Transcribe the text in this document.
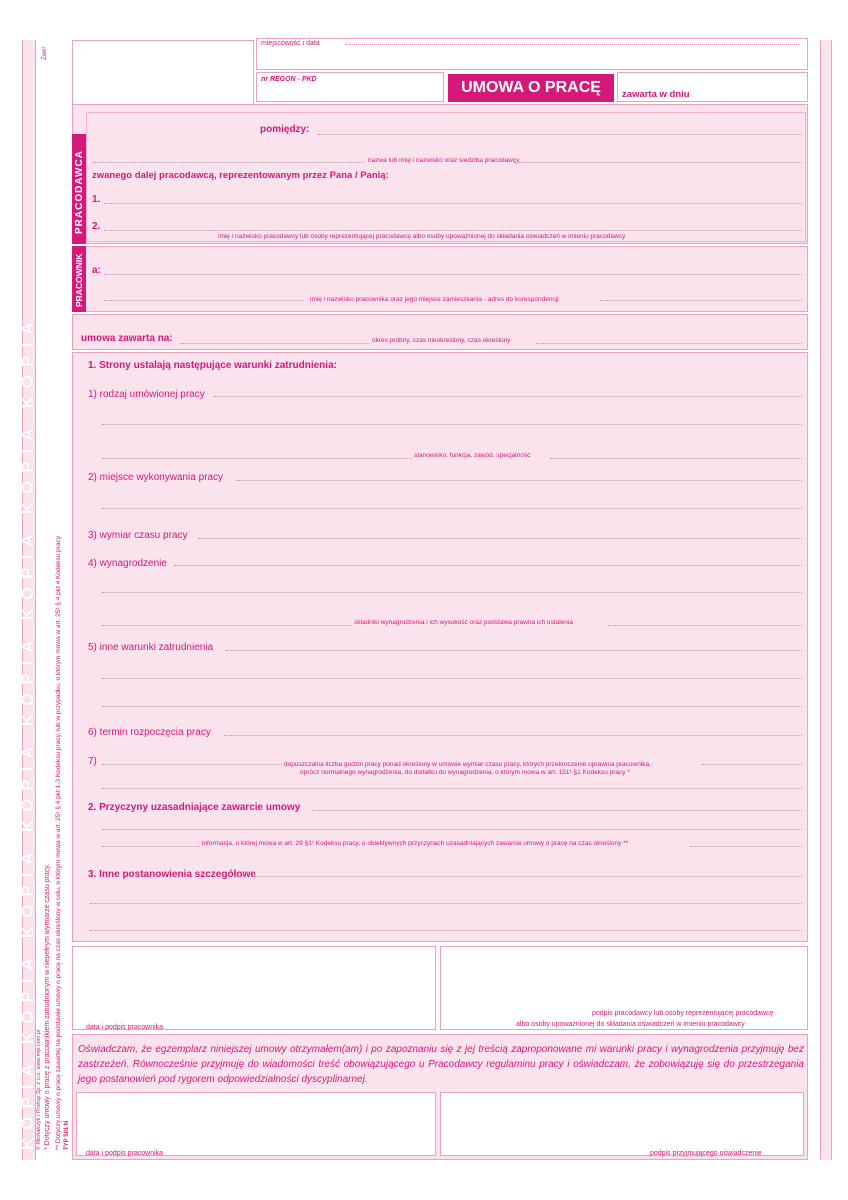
KOPIA KOPIA KOPIA KOPIA KOPIA KOPIA KOPIA KOPIA * Dotyczy umowy o pracę z pracownikiem zatrudnionym w niepełnym wymiarze czasu pracy. ** Dotyczy umowy o pracę zawartej na podstawie umowy o pracę na czas określony w celu, o którym mowa w art. 25¹ § 4 pkt 1-3 Kodeksu pracy, lub w przypadku, o którym mowa w art. 25¹ § 4 pkt 4 Kodeksu pracy TYP 501 N
© Michalczyk i Prokop Sp. z o.o. www.mip.com.pl
Zaw!
miejscowość i data
nr REGON - PKD	UMOWA O PRACĘ zawarta w dniu
PRACODAWCA
pomiędzy:
nazwa lub imię i nazwisko oraz siedziba pracodawcy
zwanego dalej pracodawcą, reprezentowanym przez Pana / Panią:
1.
2.
imię i nazwisko pracodawcy lub osoby reprezentującej pracodawcę albo osoby upoważnionej do składania oświadczeń w imieniu pracodawcy
PRACOWNIK a:
imię i nazwisko pracownika oraz jego miejsce zamieszkania - adres do korespondencji
umowa zawarta na:	okres próbny, czas nieokreślony, czas określony
1. Strony ustalają następujące warunki zatrudnienia:
1) rodzaj umówionej pracy
stanowisko, funkcja, zawód, specjalność
2) miejsce wykonywania pracy
3) wymiar czasu pracy
4) wynagrodzenie
składniki wynagrodzenia i ich wysokość oraz podstawa prawna ich ustalenia
5) inne warunki zatrudnienia
6) termin rozpoczęcia pracy
7)	dopuszczalna liczba godzin pracy ponad określony w umowie wymiar czasu pracy, których przekroczenie uprawnia pracownika,
oprócz normalnego wynagrodzenia, do dodatku do wynagrodzenia, o którym mowa w art. 151¹ §1 Kodeksu pracy *
2. Przyczyny uzasadniające zawarcie umowy
informacja, o której mowa w art. 29 §1¹ Kodeksu pracy, o obiektywnych przyczynach uzasadniających zawarcie umowy o pracę na czas określony **
3. Inne postanowienia szczegółowe
data i podpis pracownika
podpis pracodawcy lub osoby reprezentującej pracodawcę
albo osoby upoważnionej do składania oświadczeń w imieniu pracodawcy
Oświadczam, że egzemplarz niniejszej umowy otrzymałem(am) i po zapoznaniu się z jej treścią zaproponowane mi warunki pracy i wynagrodzenia przyjmuję bez zastrzeżeń. Równocześnie przyjmuję do wiadomości treść obowiązującego u Pracodawcy regulaminu pracy i oświadczam, że zobowiązuję się do przestrzegania jego postanowień pod rygorem odpowiedzialności dyscyplinarnej.
data i podpis pracownika	podpis przyjmującego oświadczenie
